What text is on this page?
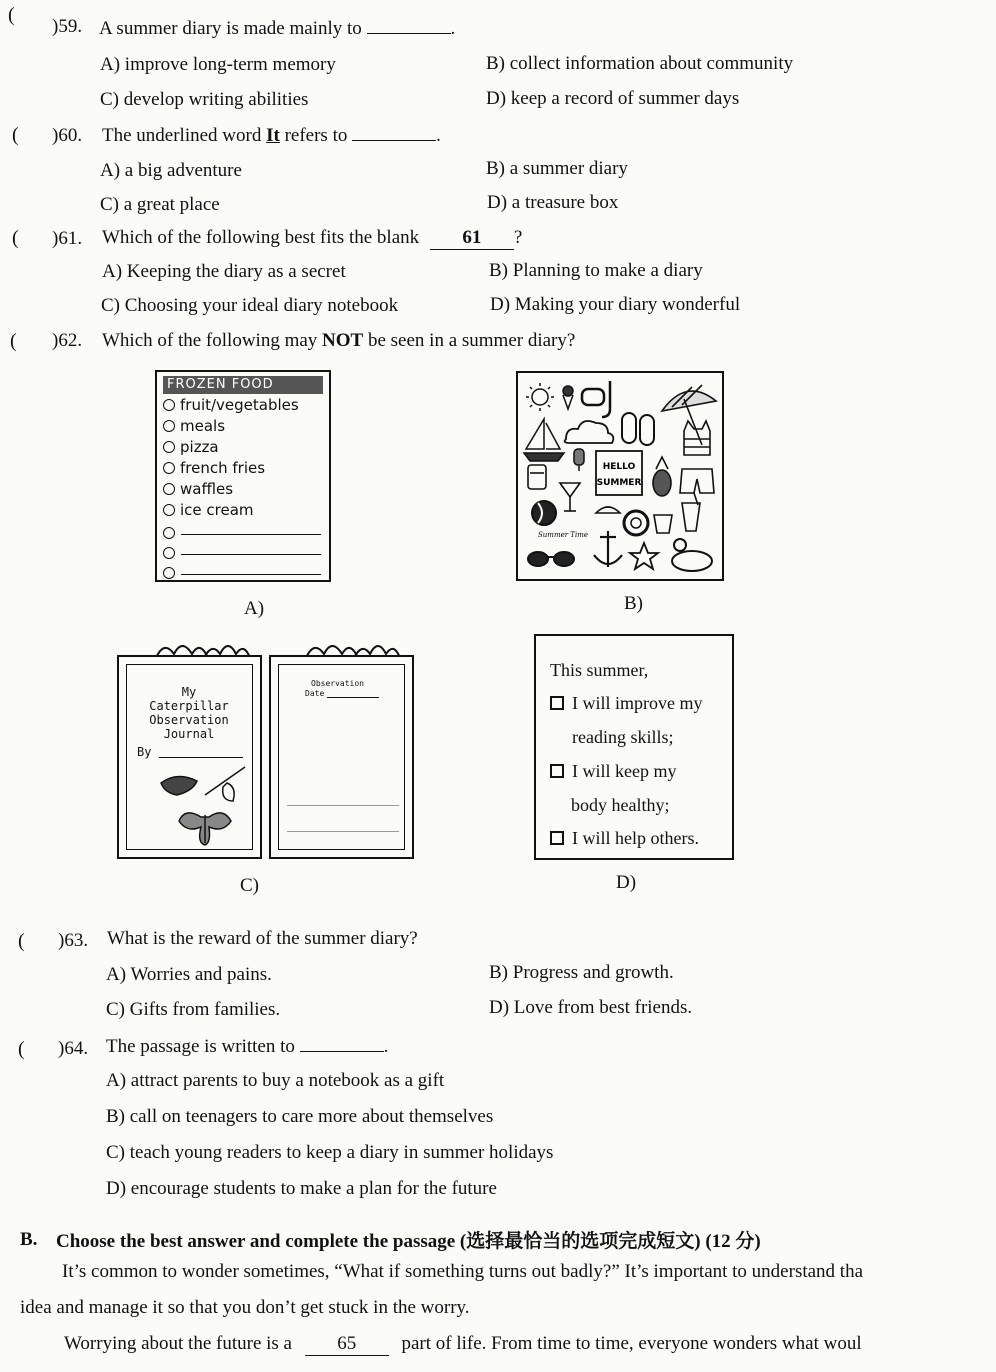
(
)59. A summer diary is made mainly to	.
A) improve long-term memory	B) collect information about community
C) develop writing abilities	D) keep a record of summer days
( )60. The underlined word It refers to	.
A) a big adventure	B) a summer diary
C) a great place	D) a treasure box
( )61. Which of the following best fits the blank 61 ?
A) Keeping the diary as a secret	B) Planning to make a diary
C) Choosing your ideal diary notebook	D) Making your diary wonderful
( )62. Which of the following may NOT be seen in a summer diary?
FROZEN FOOD
fruit/vegetables
meals
pizza
french fries
waffles
ice cream
A)
HELLO
SUMMER
Summer Time
B)
My Caterpillar
Observation
Journal
By
Observation
Date
C)
This summer,
I will improve my
reading skills;
I will keep my
body healthy;
I will help others.
D)
( )63. What is the reward of the summer diary?
A) Worries and pains.	B) Progress and growth.
C) Gifts from families.	D) Love from best friends.
( )64. The passage is written to	.
A) attract parents to buy a notebook as a gift
B) call on teenagers to care more about themselves
C) teach young readers to keep a diary in summer holidays
D) encourage students to make a plan for the future
B. Choose the best answer and complete the passage (选择最恰当的选项完成短文) (12 分)
It’s common to wonder sometimes, “What if something turns out badly?” It’s important to understand tha
idea and manage it so that you don’t get stuck in the worry.
Worrying about the future is a 65 part of life. From time to time, everyone wonders what woul
